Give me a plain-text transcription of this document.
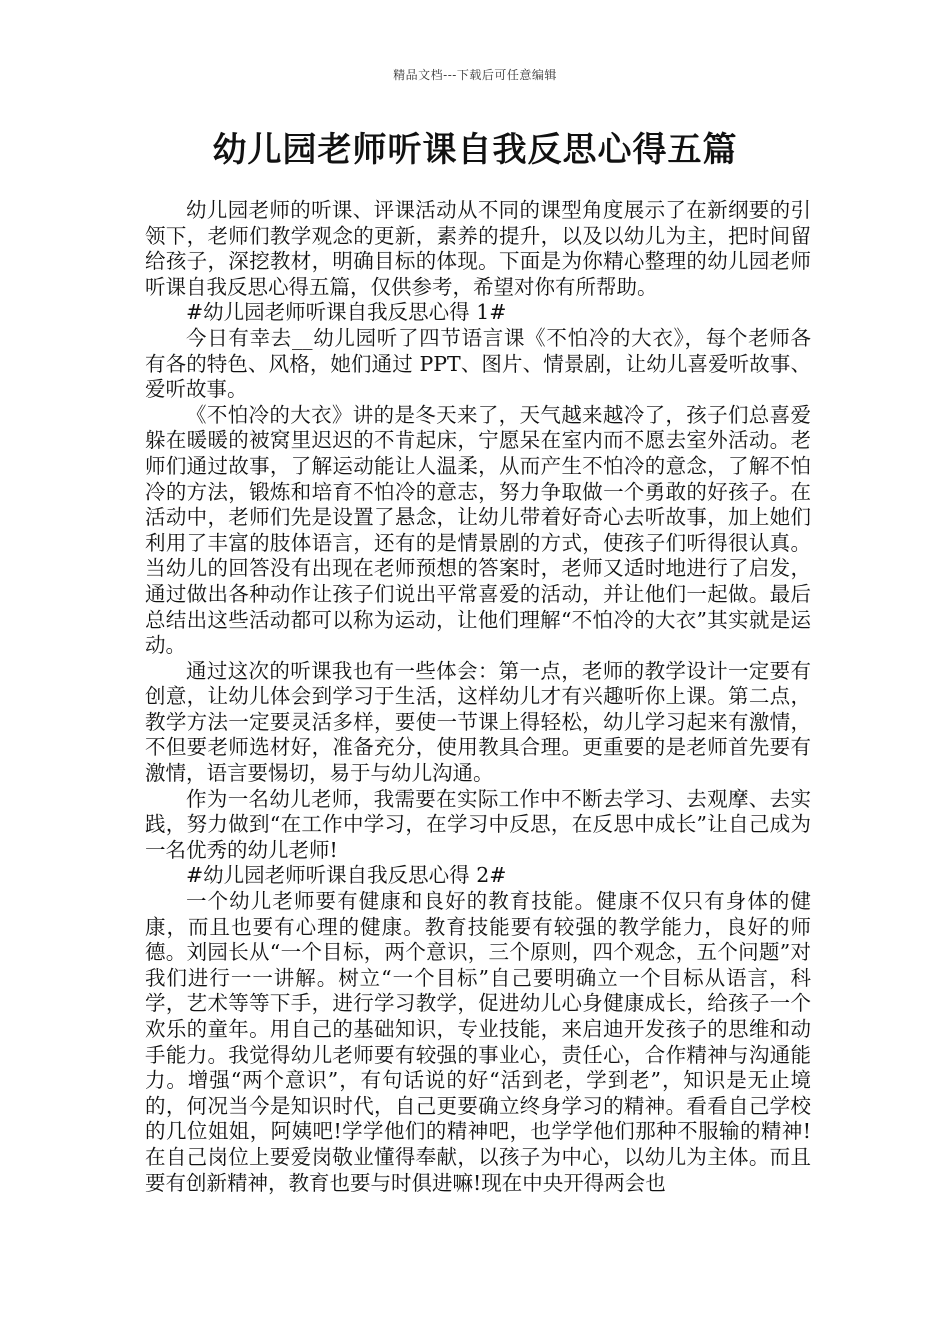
精品文档---下载后可任意编辑
幼儿园老师听课自我反思心得五篇

幼儿园老师的听课、评课活动从不同的课型角度展示了在新纲要的引领下，老师们教学观念的更新，素养的提升，以及以幼儿为主，把时间留给孩子，深挖教材，明确目标的体现。下面是为你精心整理的幼儿园老师听课自我反思心得五篇，仅供参考，希望对你有所帮助。

#幼儿园老师听课自我反思心得 1#

今日有幸去__幼儿园听了四节语言课《不怕冷的大衣》，每个老师各有各的特色、风格，她们通过 PPT、图片、情景剧，让幼儿喜爱听故事、爱听故事。

《不怕冷的大衣》讲的是冬天来了，天气越来越冷了，孩子们总喜爱躲在暖暖的被窝里迟迟的不肯起床，宁愿呆在室内而不愿去室外活动。老师们通过故事，了解运动能让人温柔，从而产生不怕冷的意念，了解不怕冷的方法，锻炼和培育不怕冷的意志，努力争取做一个勇敢的好孩子。在活动中，老师们先是设置了悬念，让幼儿带着好奇心去听故事，加上她们利用了丰富的肢体语言，还有的是情景剧的方式，使孩子们听得很认真。当幼儿的回答没有出现在老师预想的答案时，老师又适时地进行了启发，通过做出各种动作让孩子们说出平常喜爱的活动，并让他们一起做。最后总结出这些活动都可以称为运动，让他们理解“不怕冷的大衣”其实就是运动。

通过这次的听课我也有一些体会：第一点，老师的教学设计一定要有创意，让幼儿体会到学习于生活，这样幼儿才有兴趣听你上课。第二点，教学方法一定要灵活多样，要使一节课上得轻松，幼儿学习起来有激情，不但要老师选材好，准备充分，使用教具合理。更重要的是老师首先要有激情，语言要惕切，易于与幼儿沟通。

作为一名幼儿老师，我需要在实际工作中不断去学习、去观摩、去实践，努力做到“在工作中学习，在学习中反思，在反思中成长”让自己成为一名优秀的幼儿老师!

#幼儿园老师听课自我反思心得 2#

一个幼儿老师要有健康和良好的教育技能。健康不仅只有身体的健康，而且也要有心理的健康。教育技能要有较强的教学能力，良好的师德。刘园长从“一个目标，两个意识，三个原则，四个观念，五个问题”对我们进行一一讲解。树立“一个目标”自己要明确立一个目标从语言，科学，艺术等等下手，进行学习教学，促进幼儿心身健康成长，给孩子一个欢乐的童年。用自己的基础知识，专业技能，来启迪开发孩子的思维和动手能力。我觉得幼儿老师要有较强的事业心，责任心，合作精神与沟通能力。增强“两个意识”，有句话说的好“活到老，学到老”，知识是无止境的，何况当今是知识时代，自己更要确立终身学习的精神。看看自己学校的几位姐姐，阿姨吧!学学他们的精神吧，也学学他们那种不服输的精神!在自己岗位上要爱岗敬业懂得奉献，以孩子为中心，以幼儿为主体。而且要有创新精神，教育也要与时俱进嘛!现在中央开得两会也
